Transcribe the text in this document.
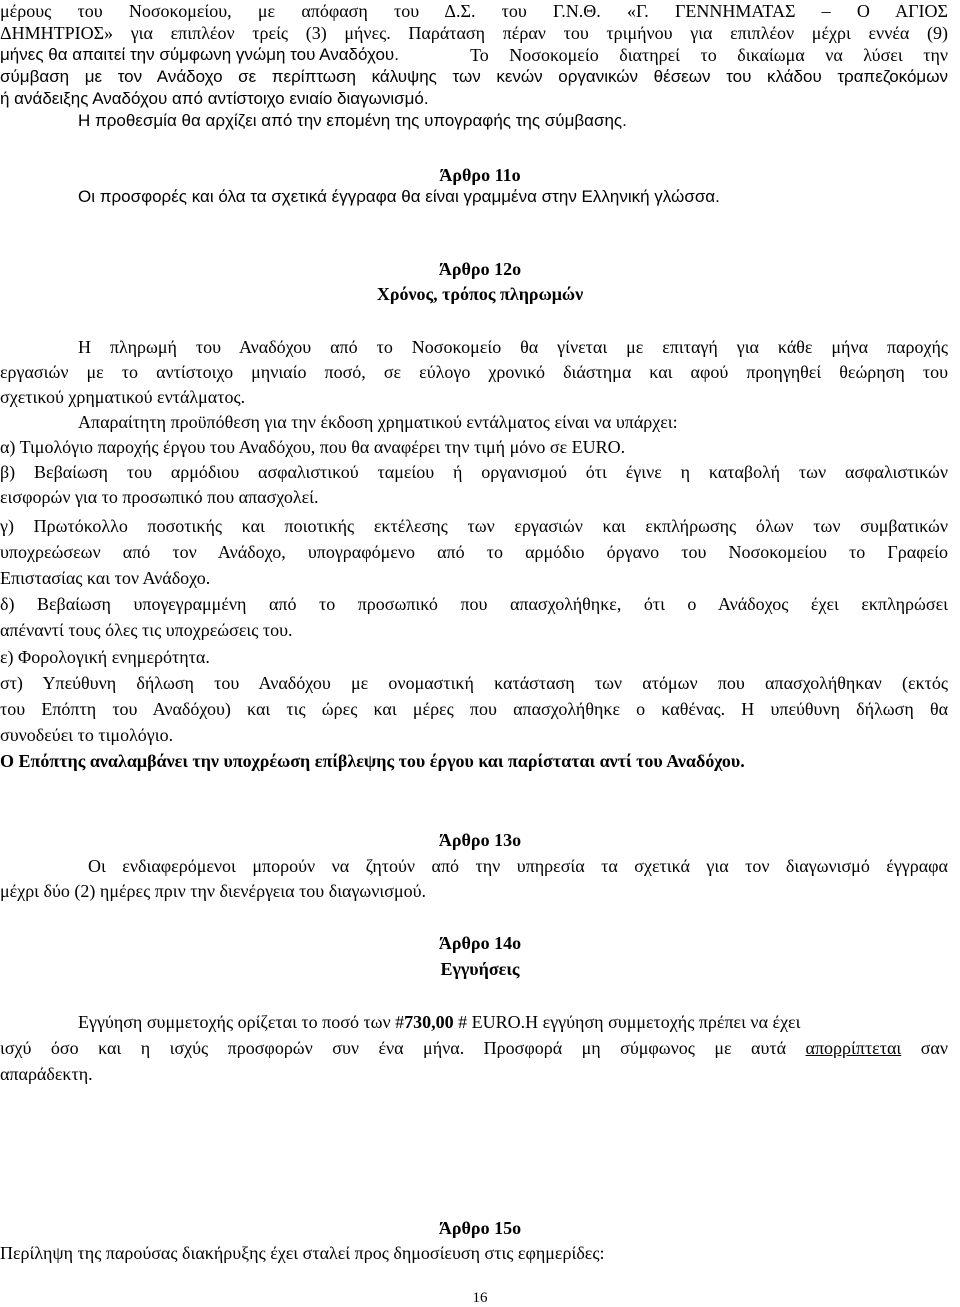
μέρους του Νοσοκομείου, με απόφαση του Δ.Σ. του Γ.Ν.Θ. «Γ. ΓΕΝΝΗΜΑΤΑΣ – Ο ΑΓΙΟΣ

ΔΗΜΗΤΡΙΟΣ» για επιπλέον τρείς (3) μήνες. Παράταση πέραν του τριμήνου για επιπλέον μέχρι εννέα (9)

μήνες θα απαιτεί την σύμφωνη γνώμη του Αναδόχου.	Το Νοσοκομείο διατηρεί το δικαίωμα να λύσει την

σύμβαση με τον Ανάδοχο σε περίπτωση κάλυψης των κενών οργανικών θέσεων του κλάδου τραπεζοκόμων

ή ανάδειξης Αναδόχου από αντίστοιχο ενιαίο διαγωνισμό.

Η προθεσμία θα αρχίζει από την επομένη της υπογραφής της σύμβασης.

Άρθρο 11ο

Οι προσφορές και όλα τα σχετικά έγγραφα θα είναι γραμμένα στην Ελληνική γλώσσα.

Άρθρο 12ο

Χρόνος, τρόπος πληρωμών

Η πληρωμή του Αναδόχου από το Νοσοκομείο θα γίνεται με επιταγή για κάθε μήνα παροχής

εργασιών με το αντίστοιχο μηνιαίο ποσό, σε εύλογο χρονικό διάστημα και αφού προηγηθεί θεώρηση του

σχετικού χρηματικού εντάλματος.

Απαραίτητη προϋπόθεση για την έκδοση χρηματικού εντάλματος είναι να υπάρχει:

α) Τιμολόγιο παροχής έργου του Αναδόχου, που θα αναφέρει την τιμή μόνο σε EURO.

β) Βεβαίωση του αρμόδιου ασφαλιστικού ταμείου ή οργανισμού ότι έγινε η καταβολή των ασφαλιστικών

εισφορών για το προσωπικό που απασχολεί.

γ) Πρωτόκολλο ποσοτικής και ποιοτικής εκτέλεσης των εργασιών και εκπλήρωσης όλων των συμβατικών

υποχρεώσεων από τον Ανάδοχο, υπογραφόμενο από το αρμόδιο όργανο του Νοσοκομείου το Γραφείο

Επιστασίας και τον Ανάδοχο.

δ) Βεβαίωση υπογεγραμμένη από το προσωπικό που απασχολήθηκε, ότι ο Ανάδοχος έχει εκπληρώσει

απέναντί τους όλες τις υποχρεώσεις του.

ε) Φορολογική ενημερότητα.

στ) Υπεύθυνη δήλωση του Αναδόχου με ονομαστική κατάσταση των ατόμων που απασχολήθηκαν (εκτός

του Επόπτη του Αναδόχου) και τις ώρες και μέρες που απασχολήθηκε ο καθένας. Η υπεύθυνη δήλωση θα

συνοδεύει το τιμολόγιο.

Ο Επόπτης αναλαμβάνει την υποχρέωση επίβλεψης του έργου και παρίσταται αντί του Αναδόχου.

Άρθρο 13ο

Οι ενδιαφερόμενοι μπορούν να ζητούν από την υπηρεσία τα σχετικά για τον διαγωνισμό έγγραφα

μέχρι δύο (2) ημέρες πριν την διενέργεια του διαγωνισμού.

Άρθρο 14ο

Εγγυήσεις

Εγγύηση συμμετοχής ορίζεται το ποσό των #730,00 # EURO.Η εγγύηση συμμετοχής πρέπει να έχει

ισχύ όσο και η ισχύς προσφορών συν ένα μήνα. Προσφορά μη σύμφωνος με αυτά απορρίπτεται σαν

απαράδεκτη.

Άρθρο 15ο

Περίληψη της παρούσας διακήρυξης έχει σταλεί προς δημοσίευση στις εφημερίδες:

16
